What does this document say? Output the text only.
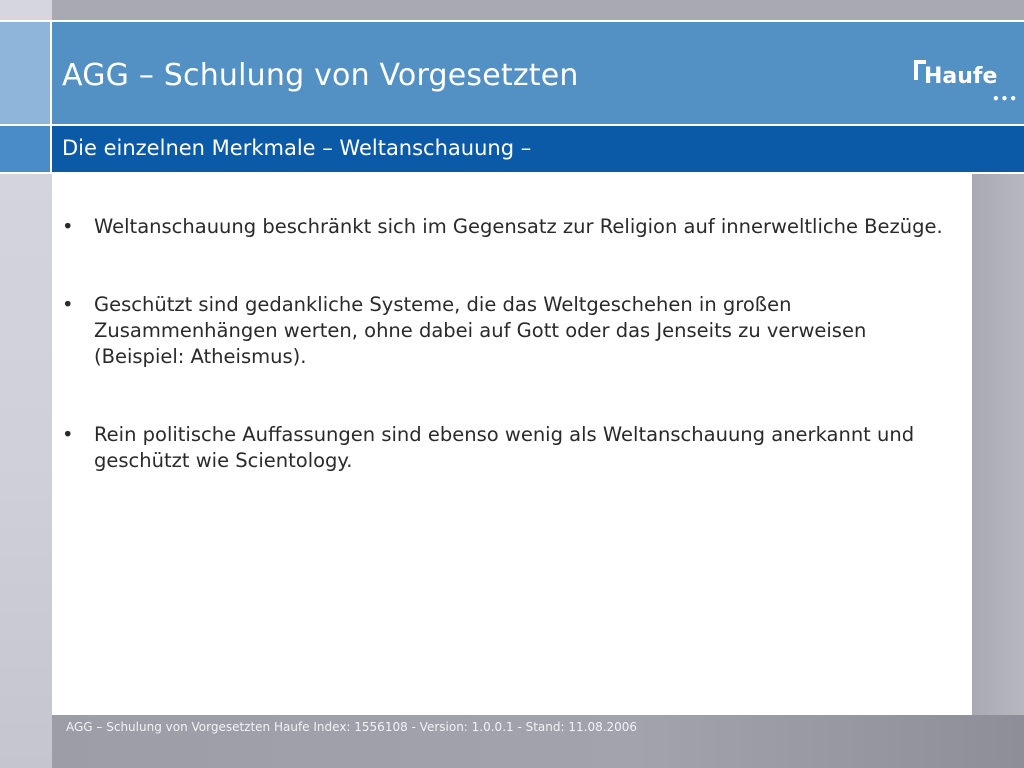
AGG – Schulung von Vorgesetzten	Haufe
•••
Die einzelnen Merkmale – Weltanschauung –
•	Weltanschauung beschränkt sich im Gegensatz zur Religion auf innerweltliche Bezüge.
•	Geschützt sind gedankliche Systeme, die das Weltgeschehen in großen Zusammenhängen werten, ohne dabei auf Gott oder das Jenseits zu verweisen (Beispiel: Atheismus).
•	Rein politische Auffassungen sind ebenso wenig als Weltanschauung anerkannt und geschützt wie Scientology.
AGG – Schulung von Vorgesetzten Haufe Index: 1556108 - Version: 1.0.0.1 - Stand: 11.08.2006
